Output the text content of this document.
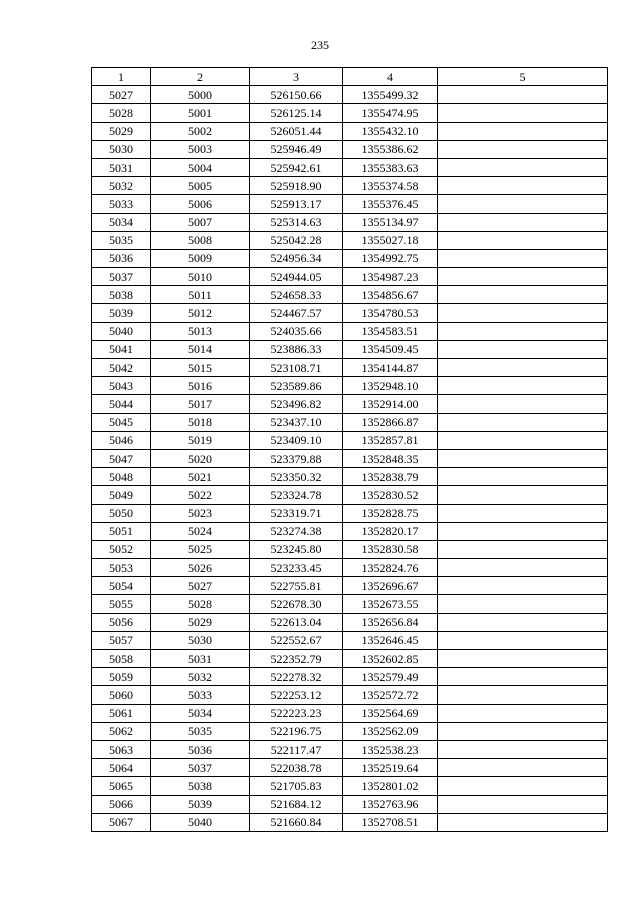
235
1	2	3	4	5
5027	5000	526150.66	1355499.32	
5028	5001	526125.14	1355474.95	
5029	5002	526051.44	1355432.10	
5030	5003	525946.49	1355386.62	
5031	5004	525942.61	1355383.63	
5032	5005	525918.90	1355374.58	
5033	5006	525913.17	1355376.45	
5034	5007	525314.63	1355134.97	
5035	5008	525042.28	1355027.18	
5036	5009	524956.34	1354992.75	
5037	5010	524944.05	1354987.23	
5038	5011	524658.33	1354856.67	
5039	5012	524467.57	1354780.53	
5040	5013	524035.66	1354583.51	
5041	5014	523886.33	1354509.45	
5042	5015	523108.71	1354144.87	
5043	5016	523589.86	1352948.10	
5044	5017	523496.82	1352914.00	
5045	5018	523437.10	1352866.87	
5046	5019	523409.10	1352857.81	
5047	5020	523379.88	1352848.35	
5048	5021	523350.32	1352838.79	
5049	5022	523324.78	1352830.52	
5050	5023	523319.71	1352828.75	
5051	5024	523274.38	1352820.17	
5052	5025	523245.80	1352830.58	
5053	5026	523233.45	1352824.76	
5054	5027	522755.81	1352696.67	
5055	5028	522678.30	1352673.55	
5056	5029	522613.04	1352656.84	
5057	5030	522552.67	1352646.45	
5058	5031	522352.79	1352602.85	
5059	5032	522278.32	1352579.49	
5060	5033	522253.12	1352572.72	
5061	5034	522223.23	1352564.69	
5062	5035	522196.75	1352562.09	
5063	5036	522117.47	1352538.23	
5064	5037	522038.78	1352519.64	
5065	5038	521705.83	1352801.02	
5066	5039	521684.12	1352763.96	
5067	5040	521660.84	1352708.51	
